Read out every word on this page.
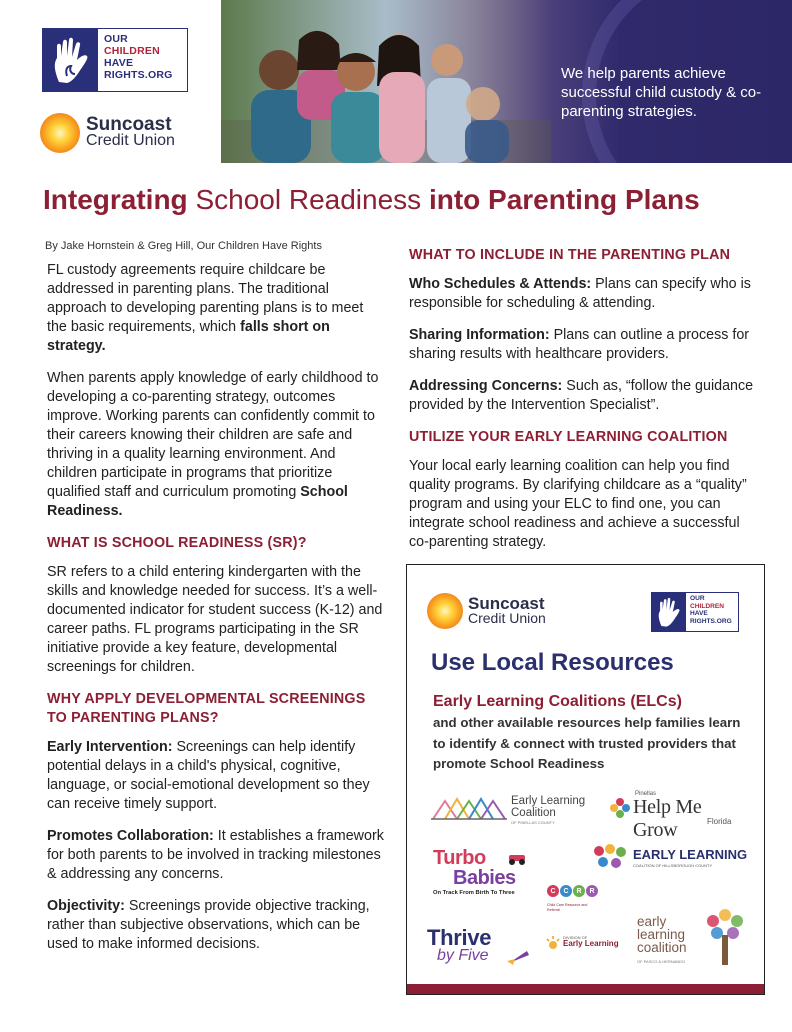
OUR
CHILDREN
HAVE
RIGHTS.ORG
Suncoast
Credit Union
We help parents achieve successful child custody & co-parenting strategies.
Integrating School Readiness into Parenting Plans
By Jake Hornstein & Greg Hill, Our Children Have Rights

FL custody agreements require childcare be addressed in parenting plans. The traditional approach to developing parenting plans is to meet the basic requirements, which falls short on strategy.

When parents apply knowledge of early childhood to developing a co-parenting strategy, outcomes improve. Working parents can confidently commit to their careers knowing their children are safe and thriving in a quality learning environment. And children participate in programs that prioritize qualified staff and curriculum promoting School Readiness.

WHAT IS SCHOOL READINESS (SR)?

SR refers to a child entering kindergarten with the skills and knowledge needed for success. It’s a well-documented indicator for student success (K-12) and career paths. FL programs participating in the SR initiative provide a key feature, developmental screenings for children.

WHY APPLY DEVELOPMENTAL SCREENINGS TO PARENTING PLANS?

Early Intervention: Screenings can help identify potential delays in a child's physical, cognitive, language, or social-emotional development so they can receive timely support.

Promotes Collaboration: It establishes a framework for both parents to be involved in tracking milestones & addressing any concerns.

Objectivity: Screenings provide objective tracking, rather than subjective observations, which can be used to make informed decisions.

WHAT TO INCLUDE IN THE PARENTING PLAN

Who Schedules & Attends: Plans can specify who is responsible for scheduling & attending.

Sharing Information: Plans can outline a process for sharing results with healthcare providers.

Addressing Concerns: Such as, “follow the guidance provided by the Intervention Specialist”.

UTILIZE YOUR EARLY LEARNING COALITION

Your local early learning coalition can help you find quality programs. By clarifying childcare as a “quality” program and using your ELC to find one, you can integrate school readiness and achieve a successful co-parenting strategy.

Suncoast
Credit Union
OUR
CHILDREN
HAVE
RIGHTS.ORG
Use Local Resources
Early Learning Coalitions (ELCs)
and other available resources help families learn to identify & connect with trusted providers that promote School Readiness
Early Learning Coalition
OF PINELLAS COUNTY
Pinellas
Help Me Grow	Florida
Turbo
Babies
On Track From Birth To Three
EARLY LEARNING
COALITION OF HILLSBOROUGH COUNTY
C	C	R	R
Child Care Resource and Referral
Thrive
by Five
DIVISION OF
Early Learning
early learning coalition
OF PASCO & HERNANDO
